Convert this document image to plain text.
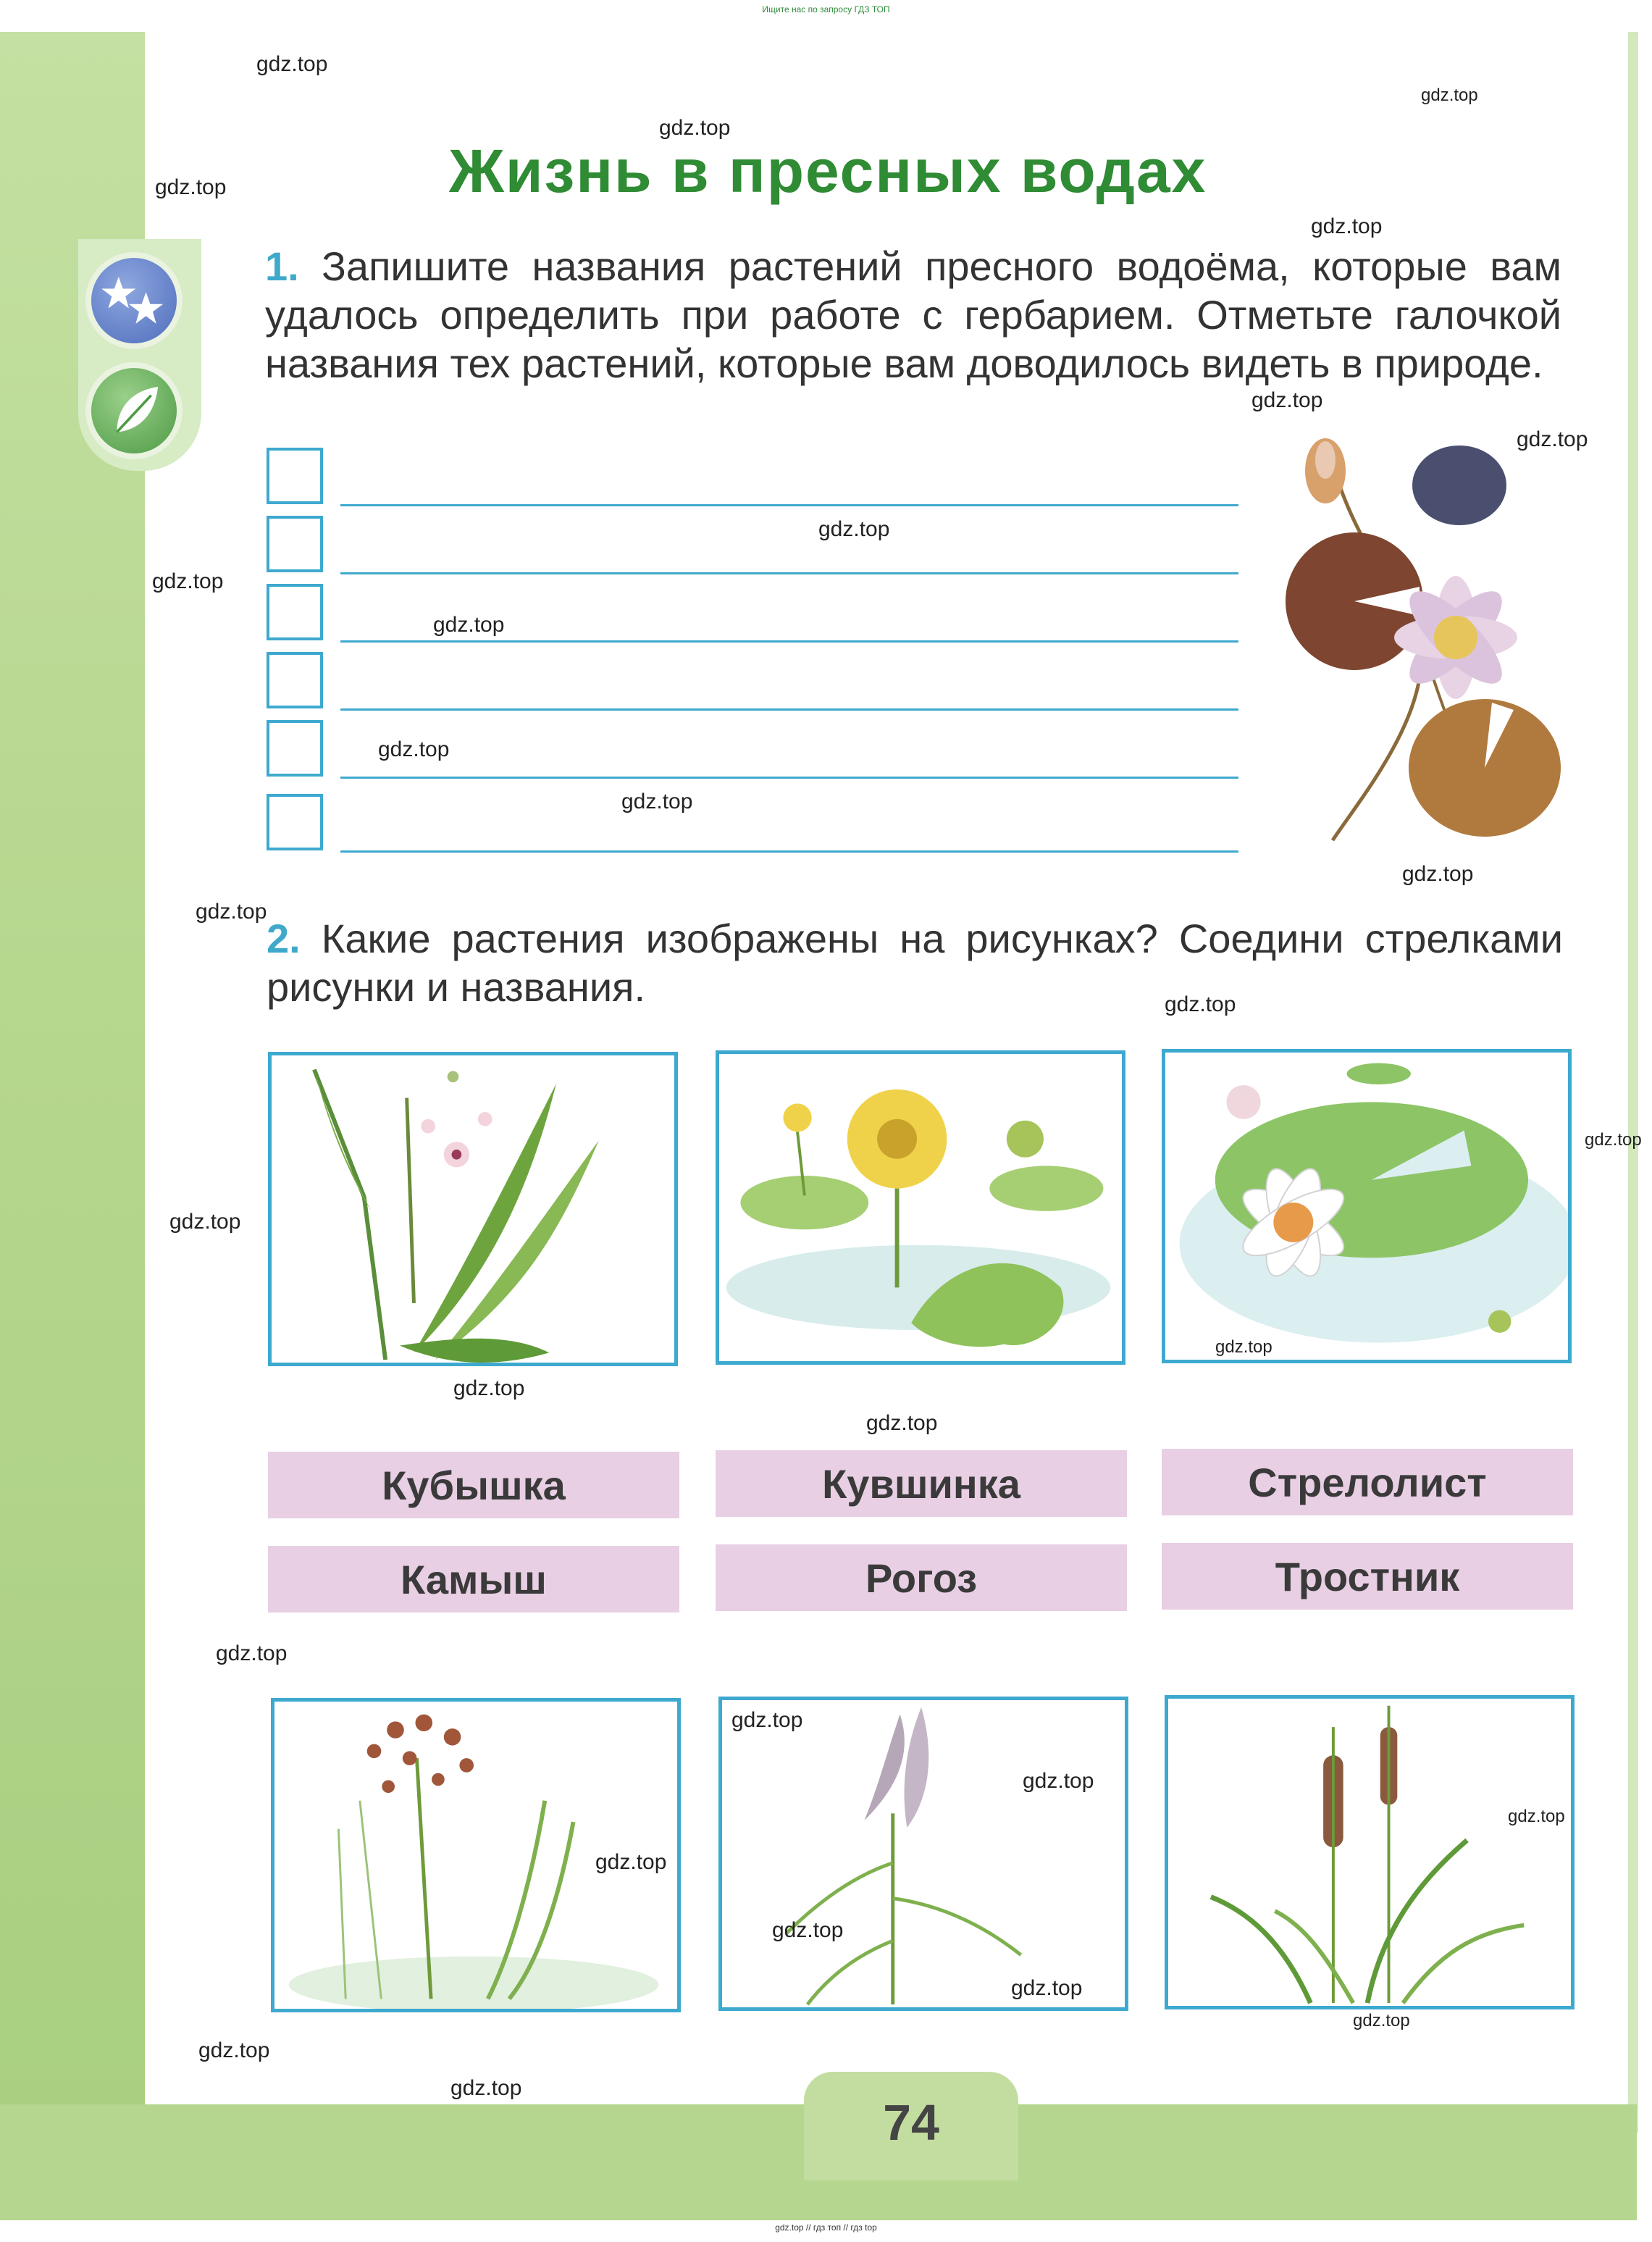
Ищите нас по запросу ГДЗ ТОП
Жизнь в пресных водах
1. Запишите названия растений пресного водоёма, которые вам удалось определить при работе с гербарием. Отметьте галочкой названия тех растений, которые вам доводилось видеть в природе.
2. Какие растения изображены на рисунках? Соедини стрелками рисунки и названия.
Кубышка	Кувшинка	Стрелолист
Камыш	Рогоз	Тростник
74
gdz.top // гдз топ // гдз top
gdz.top
gdz.top
gdz.top
gdz.top
gdz.top
gdz.top
gdz.top
gdz.top
gdz.top
gdz.top
gdz.top
gdz.top
gdz.top
gdz.top
gdz.top
gdz.top
gdz.top
gdz.top
gdz.top
gdz.top
gdz.top
gdz.top
gdz.top
gdz.top
gdz.top
gdz.top
gdz.top
gdz.top
gdz.top
gdz.top
